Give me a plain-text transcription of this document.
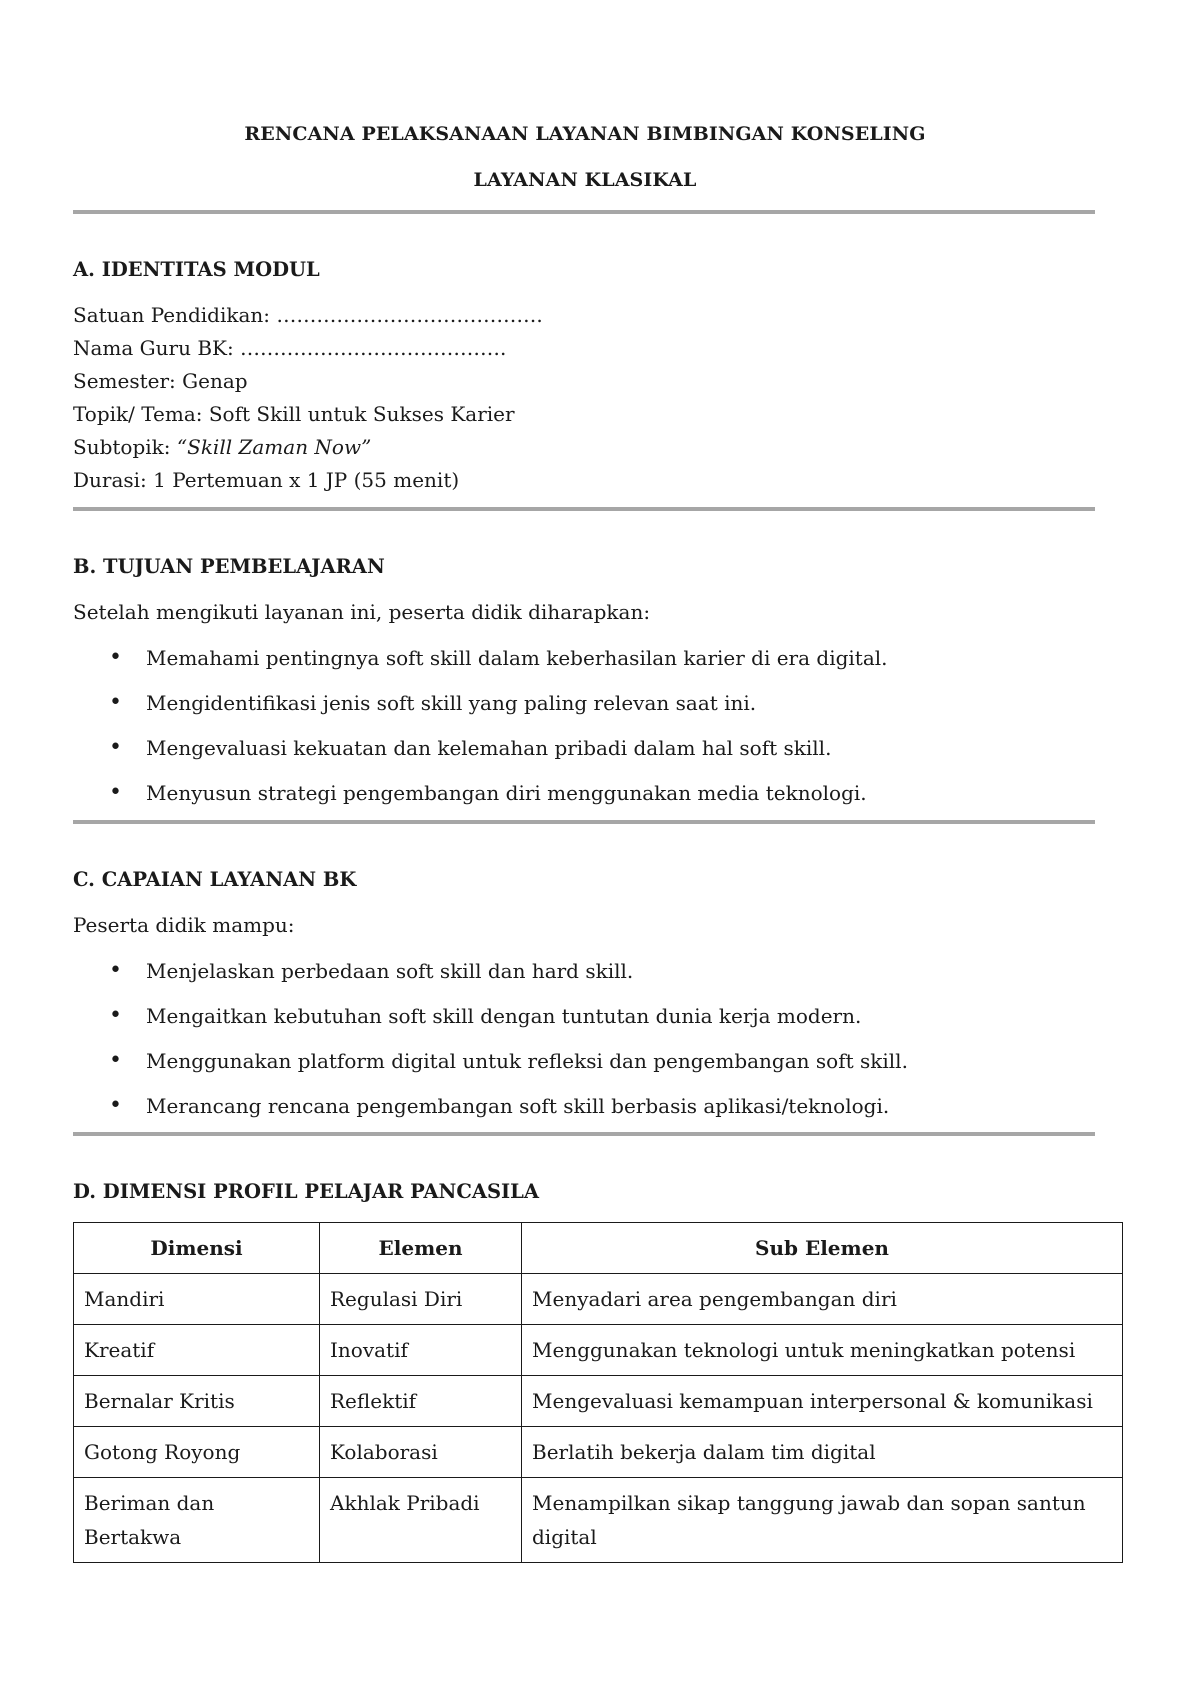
RENCANA PELAKSANAAN LAYANAN BIMBINGAN KONSELING
LAYANAN KLASIKAL
A. IDENTITAS MODUL
Satuan Pendidikan: ………………………………….
Nama Guru BK: ………………………………….
Semester: Genap
Topik/ Tema: Soft Skill untuk Sukses Karier
Subtopik: “Skill Zaman Now”
Durasi: 1 Pertemuan x 1 JP (55 menit)
B. TUJUAN PEMBELAJARAN
Setelah mengikuti layanan ini, peserta didik diharapkan:
• Memahami pentingnya soft skill dalam keberhasilan karier di era digital.
• Mengidentifikasi jenis soft skill yang paling relevan saat ini.
• Mengevaluasi kekuatan dan kelemahan pribadi dalam hal soft skill.
• Menyusun strategi pengembangan diri menggunakan media teknologi.
C. CAPAIAN LAYANAN BK
Peserta didik mampu:
• Menjelaskan perbedaan soft skill dan hard skill.
• Mengaitkan kebutuhan soft skill dengan tuntutan dunia kerja modern.
• Menggunakan platform digital untuk refleksi dan pengembangan soft skill.
• Merancang rencana pengembangan soft skill berbasis aplikasi/teknologi.
D. DIMENSI PROFIL PELAJAR PANCASILA
Dimensi	Elemen	Sub Elemen
Mandiri	Regulasi Diri	Menyadari area pengembangan diri
Kreatif	Inovatif	Menggunakan teknologi untuk meningkatkan potensi
Bernalar Kritis	Reflektif	Mengevaluasi kemampuan interpersonal & komunikasi
Gotong Royong	Kolaborasi	Berlatih bekerja dalam tim digital
Beriman dan Bertakwa	Akhlak Pribadi	Menampilkan sikap tanggung jawab dan sopan santun digital
